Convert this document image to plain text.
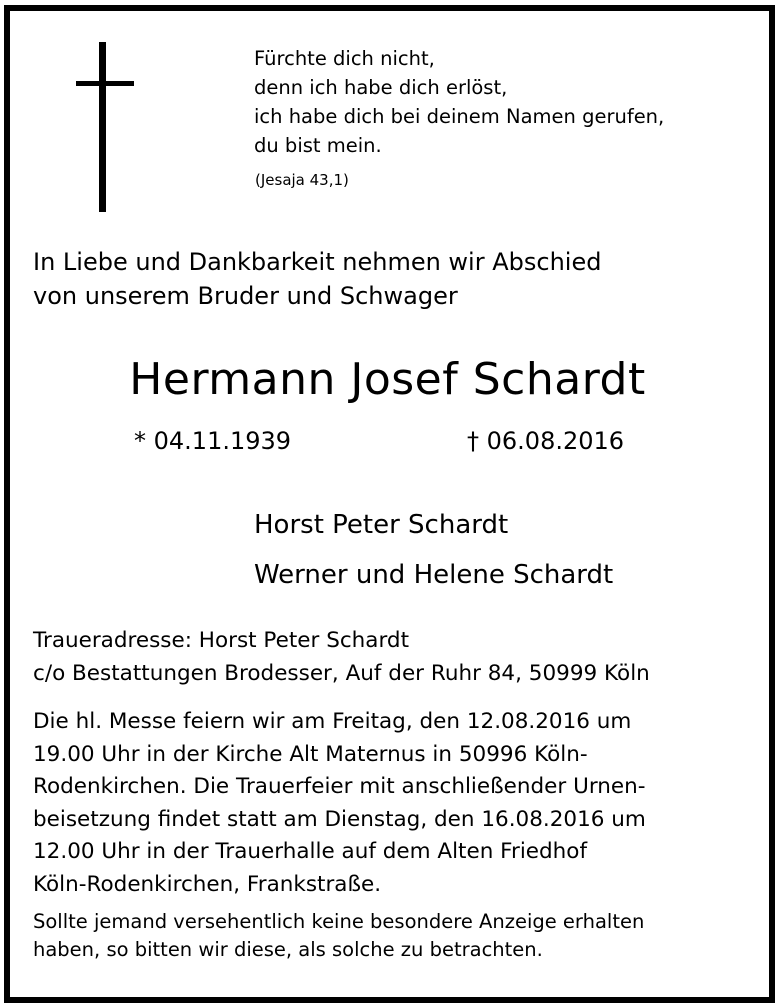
Fürchte dich nicht,
denn ich habe dich erlöst,
ich habe dich bei deinem Namen gerufen,
du bist mein.
(Jesaja 43,1)
In Liebe und Dankbarkeit nehmen wir Abschied
von unserem Bruder und Schwager
Hermann Josef Schardt
* 04.11.1939	† 06.08.2016
Horst Peter Schardt
Werner und Helene Schardt
Traueradresse: Horst Peter Schardt
c/o Bestattungen Brodesser, Auf der Ruhr 84, 50999 Köln
Die hl. Messe feiern wir am Freitag, den 12.08.2016 um
19.00 Uhr in der Kirche Alt Maternus in 50996 Köln-
Rodenkirchen. Die Trauerfeier mit anschließender Urnen-
beisetzung findet statt am Dienstag, den 16.08.2016 um
12.00 Uhr in der Trauerhalle auf dem Alten Friedhof
Köln-Rodenkirchen, Frankstraße.
Sollte jemand versehentlich keine besondere Anzeige erhalten
haben, so bitten wir diese, als solche zu betrachten.
